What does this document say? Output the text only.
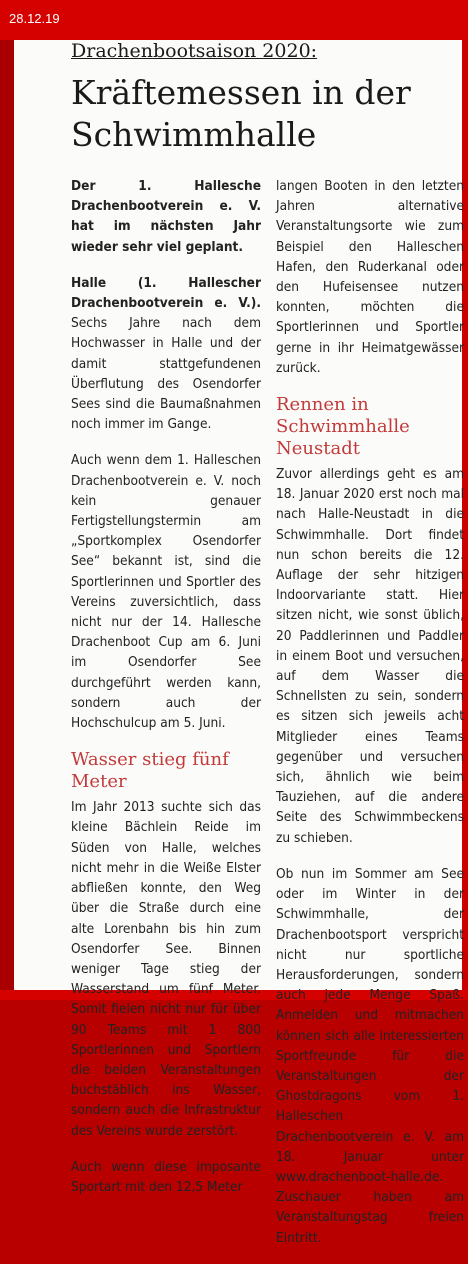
28.12.19
Drachenbootsaison 2020:
Kräftemessen in der Schwimmhalle

Der 1. Hallesche Drachenbootverein e. V. hat im nächsten Jahr wieder sehr viel geplant.

Halle (1. Hallescher Drachenbootverein e. V.). Sechs Jahre nach dem Hochwasser in Halle und der damit stattgefundenen Überflutung des Osendorfer Sees sind die Baumaßnahmen noch immer im Gange.

Auch wenn dem 1. Halleschen Drachenbootverein e. V. noch kein genauer Fertigstellungstermin am „Sportkomplex Osendorfer See“ bekannt ist, sind die Sportlerinnen und Sportler des Vereins zuversichtlich, dass nicht nur der 14. Hallesche Drachenboot Cup am 6. Juni im Osendorfer See durchgeführt werden kann, sondern auch der Hochschulcup am 5. Juni.

Wasser stieg fünf Meter

Im Jahr 2013 suchte sich das kleine Bächlein Reide im Süden von Halle, welches nicht mehr in die Weiße Elster abfließen konnte, den Weg über die Straße durch eine alte Lorenbahn bis hin zum Osendorfer See. Binnen weniger Tage stieg der Wasserstand um fünf Meter. Somit fielen nicht nur für über 90 Teams mit 1 800 Sportlerinnen und Sportlern die beiden Veranstaltungen buchstäblich ins Wasser, sondern auch die Infrastruktur des Vereins wurde zerstört.

Auch wenn diese imposante Sportart mit den 12,5 Meter

langen Booten in den letzten Jahren alternative Veranstaltungsorte wie zum Beispiel den Halleschen Hafen, den Ruderkanal oder den Hufeisensee nutzen konnten, möchten die Sportlerinnen und Sportler gerne in ihr Heimatgewässer zurück.

Rennen in Schwimmhalle Neustadt

Zuvor allerdings geht es am 18. Januar 2020 erst noch mal nach Halle-Neustadt in die Schwimmhalle. Dort findet nun schon bereits die 12. Auflage der sehr hitzigen Indoorvariante statt. Hier sitzen nicht, wie sonst üblich, 20 Paddlerinnen und Paddler in einem Boot und versuchen, auf dem Wasser die Schnellsten zu sein, sondern es sitzen sich jeweils acht Mitglieder eines Teams gegenüber und versuchen sich, ähnlich wie beim Tauziehen, auf die andere Seite des Schwimmbeckens zu schieben.

Ob nun im Sommer am See oder im Winter in der Schwimmhalle, der Drachenbootsport verspricht nicht nur sportliche Herausforderungen, sondern auch jede Menge Spaß. Anmelden und mitmachen können sich alle interessierten Sportfreunde für die Veranstaltungen der Ghostdragons vom 1. Halleschen Drachenbootverein e. V. am 18. Januar unter www.drachenboot-halle.de. Zuschauer haben am Veranstaltungstag freien Eintritt.
